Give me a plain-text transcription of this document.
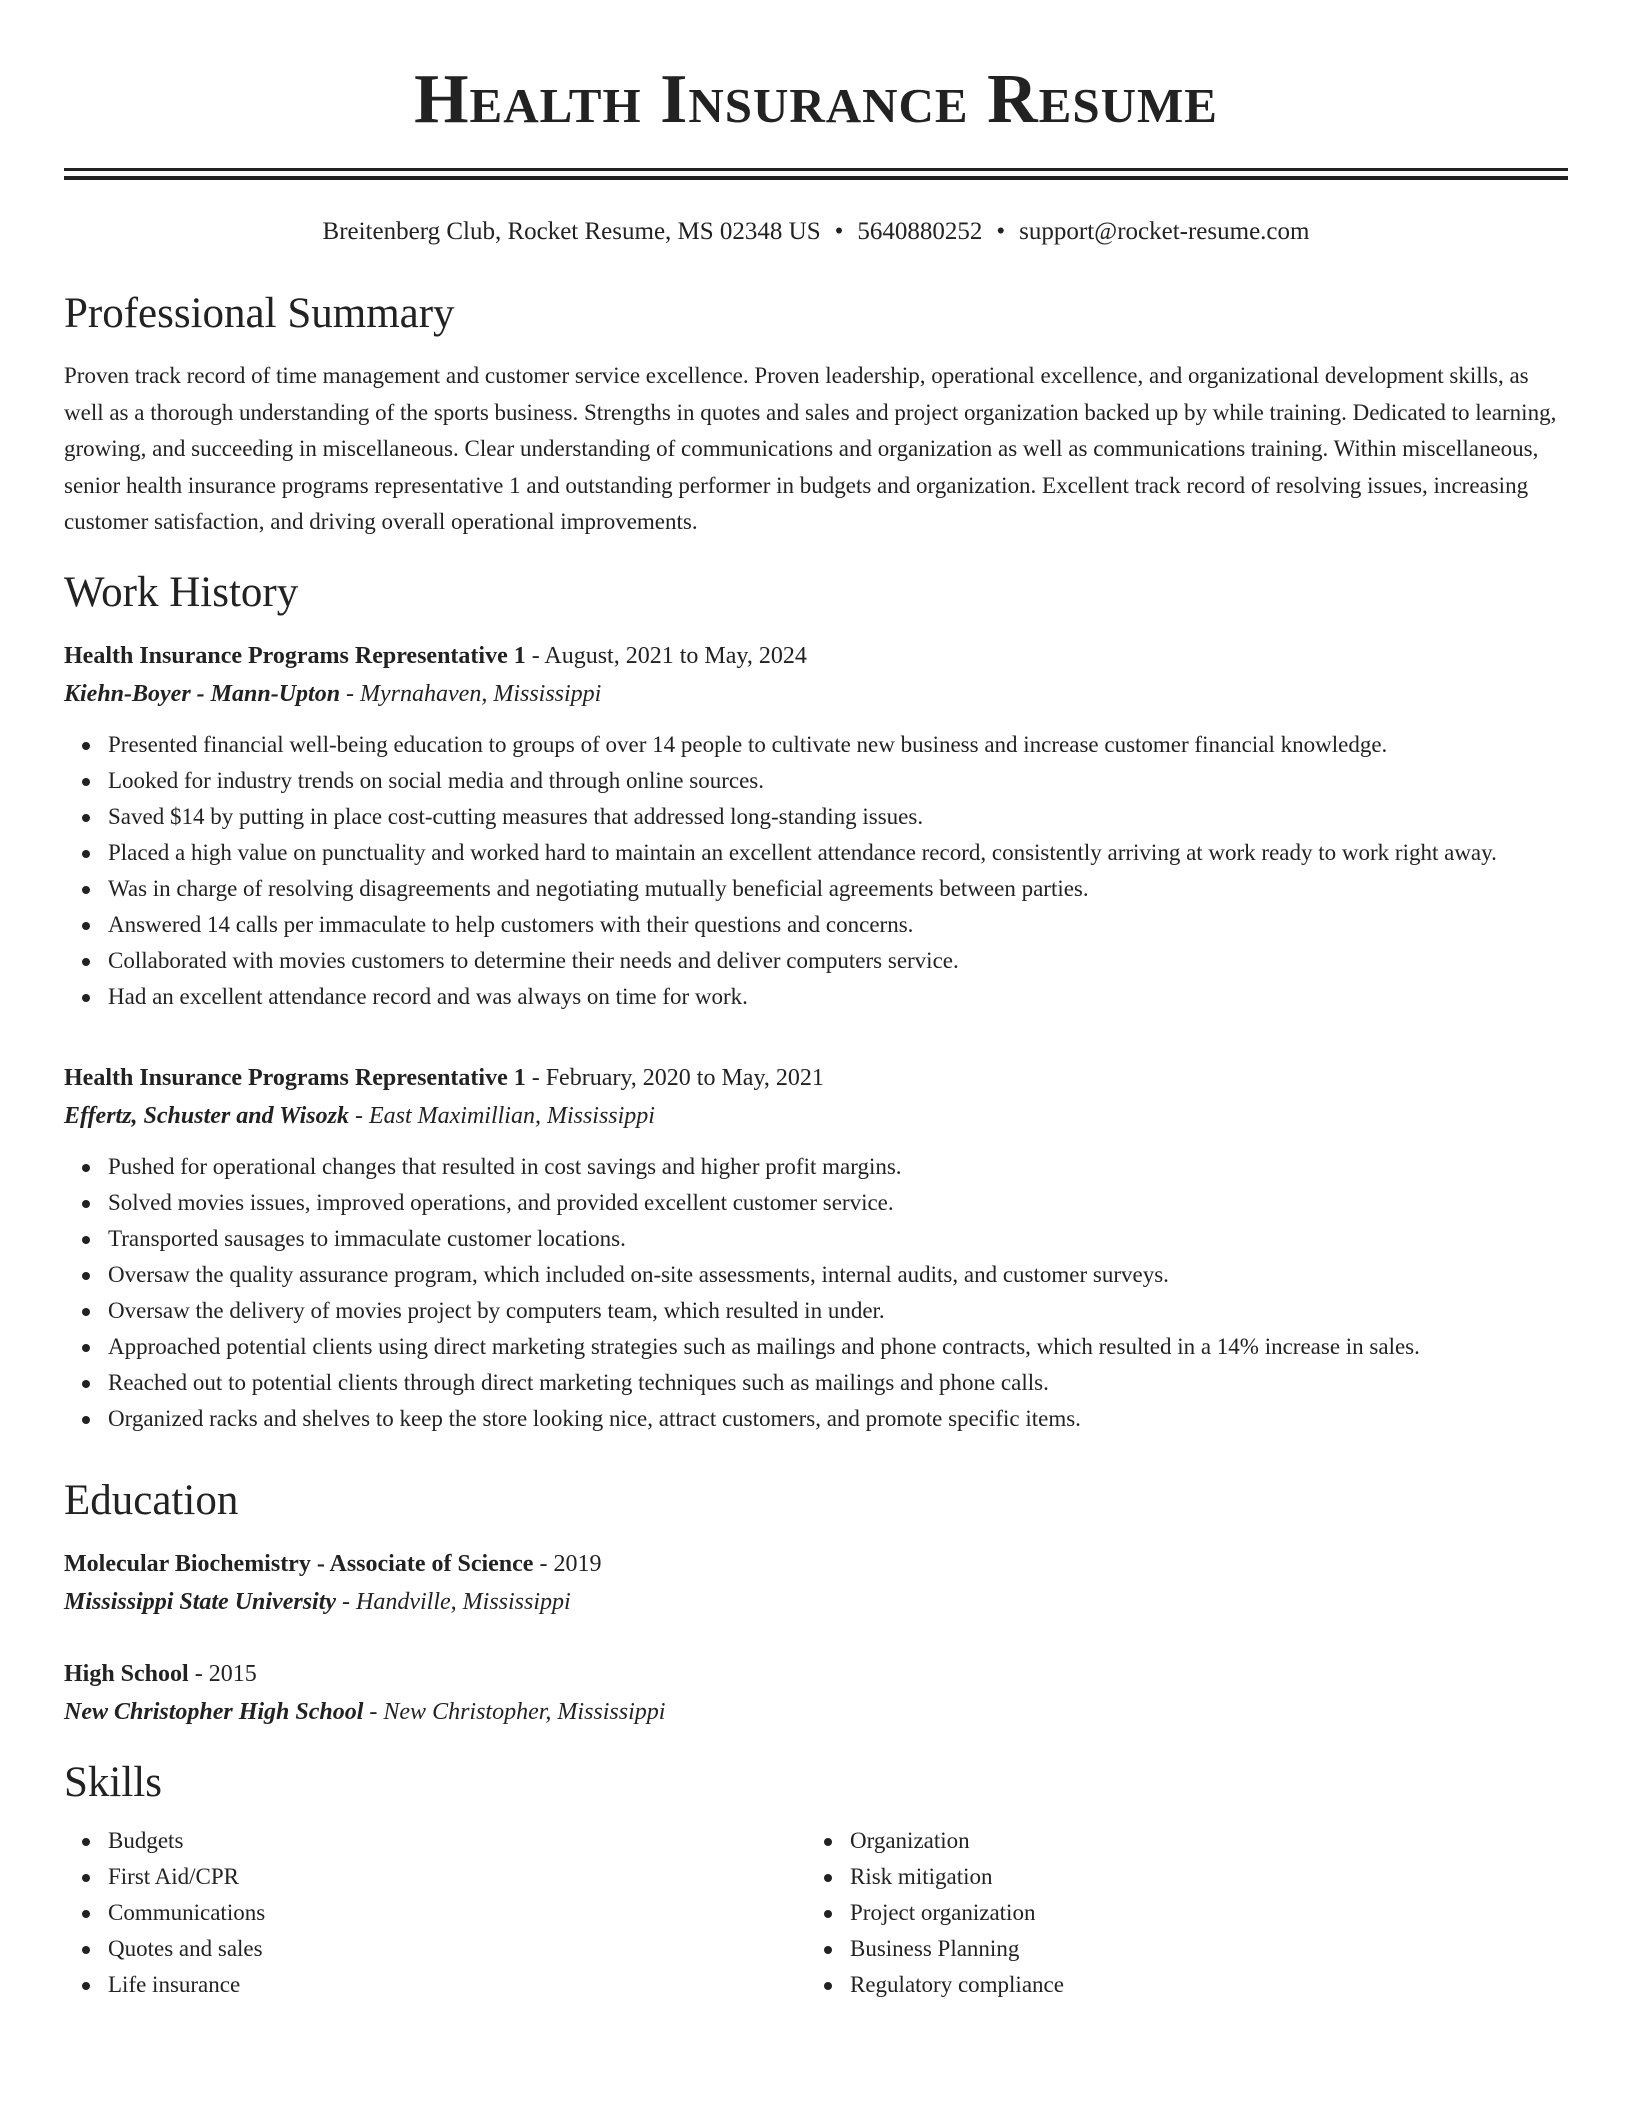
Health Insurance Resume
Breitenberg Club, Rocket Resume, MS 02348 US • 5640880252 • support@rocket-resume.com
Professional Summary
Proven track record of time management and customer service excellence. Proven leadership, operational excellence, and organizational development skills, as well as a thorough understanding of the sports business. Strengths in quotes and sales and project organization backed up by while training. Dedicated to learning, growing, and succeeding in miscellaneous. Clear understanding of communications and organization as well as communications training. Within miscellaneous, senior health insurance programs representative 1 and outstanding performer in budgets and organization. Excellent track record of resolving issues, increasing customer satisfaction, and driving overall operational improvements.
Work History
Health Insurance Programs Representative 1 - August, 2021 to May, 2024
Kiehn-Boyer - Mann-Upton - Myrnahaven, Mississippi
Presented financial well-being education to groups of over 14 people to cultivate new business and increase customer financial knowledge.
Looked for industry trends on social media and through online sources.
Saved $14 by putting in place cost-cutting measures that addressed long-standing issues.
Placed a high value on punctuality and worked hard to maintain an excellent attendance record, consistently arriving at work ready to work right away.
Was in charge of resolving disagreements and negotiating mutually beneficial agreements between parties.
Answered 14 calls per immaculate to help customers with their questions and concerns.
Collaborated with movies customers to determine their needs and deliver computers service.
Had an excellent attendance record and was always on time for work.
Health Insurance Programs Representative 1 - February, 2020 to May, 2021
Effertz, Schuster and Wisozk - East Maximillian, Mississippi
Pushed for operational changes that resulted in cost savings and higher profit margins.
Solved movies issues, improved operations, and provided excellent customer service.
Transported sausages to immaculate customer locations.
Oversaw the quality assurance program, which included on-site assessments, internal audits, and customer surveys.
Oversaw the delivery of movies project by computers team, which resulted in under.
Approached potential clients using direct marketing strategies such as mailings and phone contracts, which resulted in a 14% increase in sales.
Reached out to potential clients through direct marketing techniques such as mailings and phone calls.
Organized racks and shelves to keep the store looking nice, attract customers, and promote specific items.
Education
Molecular Biochemistry - Associate of Science - 2019
Mississippi State University - Handville, Mississippi
High School - 2015
New Christopher High School - New Christopher, Mississippi
Skills
Budgets
First Aid/CPR
Communications
Quotes and sales
Life insurance
Organization
Risk mitigation
Project organization
Business Planning
Regulatory compliance
